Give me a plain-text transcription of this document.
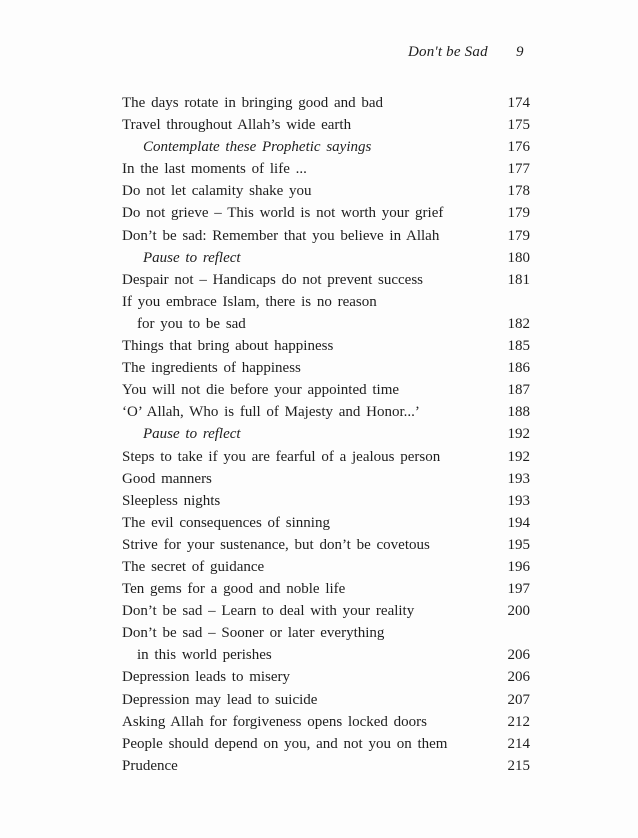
Don't be Sad 9
The days rotate in bringing good and bad	174
Travel throughout Allah’s wide earth	175
Contemplate these Prophetic sayings	176
In the last moments of life ...	177
Do not let calamity shake you	178
Do not grieve – This world is not worth your grief	179
Don’t be sad: Remember that you believe in Allah	179
Pause to reflect	180
Despair not – Handicaps do not prevent success	181
If you embrace Islam, there is no reason
for you to be sad	182
Things that bring about happiness	185
The ingredients of happiness	186
You will not die before your appointed time	187
‘O’ Allah, Who is full of Majesty and Honor...’	188
Pause to reflect	192
Steps to take if you are fearful of a jealous person	192
Good manners	193
Sleepless nights	193
The evil consequences of sinning	194
Strive for your sustenance, but don’t be covetous	195
The secret of guidance	196
Ten gems for a good and noble life	197
Don’t be sad – Learn to deal with your reality	200
Don’t be sad – Sooner or later everything
in this world perishes	206
Depression leads to misery	206
Depression may lead to suicide	207
Asking Allah for forgiveness opens locked doors	212
People should depend on you, and not you on them	214
Prudence	215
